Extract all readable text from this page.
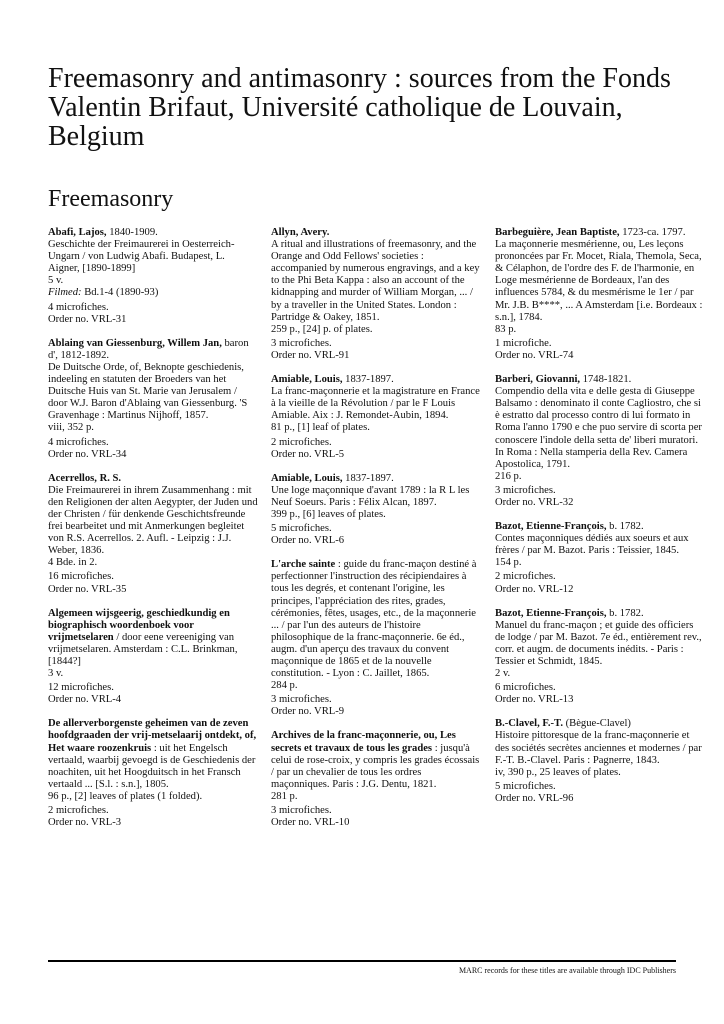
Freemasonry and antimasonry : sources from the Fonds Valentin Brifaut, Université catholique de Louvain, Belgium
Freemasonry
Abafi, Lajos, 1840-1909.
Geschichte der Freimaurerei in Oesterreich-Ungarn / von Ludwig Abafi. Budapest, L. Aigner, [1890-1899]
5 v.
Filmed: Bd.1-4 (1890-93)
4 microfiches.
Order no. VRL-31
Ablaing van Giessenburg, Willem Jan, baron d', 1812-1892.
De Duitsche Orde, of, Beknopte geschiedenis, indeeling en statuten der Broeders van het Duitsche Huis van St. Marie van Jerusalem / door W.J. Baron d'Ablaing van Giessenburg. 'S Gravenhage : Martinus Nijhoff, 1857.
viii, 352 p.
4 microfiches.
Order no. VRL-34
Acerrellos, R. S.
Die Freimaurerei in ihrem Zusammenhang : mit den Religionen der alten Aegypter, der Juden und der Christen / für denkende Geschichtsfreunde frei bearbeitet und mit Anmerkungen begleitet von R.S. Acerrellos. 2. Aufl. - Leipzig : J.J. Weber, 1836.
4 Bde. in 2.
16 microfiches.
Order no. VRL-35
Algemeen wijsgeerig, geschiedkundig en biographisch woordenboek voor vrijmetselaren / door eene vereeniging van vrijmetselaren. Amsterdam : C.L. Brinkman, [1844?]
3 v.
12 microfiches.
Order no. VRL-4
De allerverborgenste geheimen van de zeven hoofdgraaden der vrij-metselaarij ontdekt, of, Het waare roozenkruis : uit het Engelsch vertaald, waarbij gevoegd is de Geschiedenis der noachiten, uit het Hoogduitsch in het Fransch vertaald ... [S.l. : s.n.], 1805.
96 p., [2] leaves of plates (1 folded).
2 microfiches.
Order no. VRL-3
Allyn, Avery.
A ritual and illustrations of freemasonry, and the Orange and Odd Fellows' societies : accompanied by numerous engravings, and a key to the Phi Beta Kappa : also an account of the kidnapping and murder of William Morgan, ... / by a traveller in the United States. London : Partridge & Oakey, 1851.
259 p., [24] p. of plates.
3 microfiches.
Order no. VRL-91
Amiable, Louis, 1837-1897.
La franc-maçonnerie et la magistrature en France à la vieille de la Révolution / par le F Louis Amiable. Aix : J. Remondet-Aubin, 1894.
81 p., [1] leaf of plates.
2 microfiches.
Order no. VRL-5
Amiable, Louis, 1837-1897.
Une loge maçonnique d'avant 1789 : la R L les Neuf Soeurs. Paris : Félix Alcan, 1897.
399 p., [6] leaves of plates.
5 microfiches.
Order no. VRL-6
L'arche sainte : guide du franc-maçon destiné à perfectionner l'instruction des récipiendaires à tous les degrés, et contenant l'origine, les principes, l'appréciation des rites, grades, cérémonies, fêtes, usages, etc., de la maçonnerie ... / par l'un des auteurs de l'histoire philosophique de la franc-maçonnerie. 6e éd., augm. d'un aperçu des travaux du convent maçonnique de 1865 et de la nouvelle constitution. - Lyon : C. Jaillet, 1865.
284 p.
3 microfiches.
Order no. VRL-9
Archives de la franc-maçonnerie, ou, Les secrets et travaux de tous les grades : jusqu'à celui de rose-croix, y compris les grades écossais / par un chevalier de tous les ordres maçonniques. Paris : J.G. Dentu, 1821.
281 p.
3 microfiches.
Order no. VRL-10
Barbeguière, Jean Baptiste, 1723-ca. 1797.
La maçonnerie mesmérienne, ou, Les leçons prononcées par Fr. Mocet, Riala, Themola, Seca, & Célaphon, de l'ordre des F. de l'harmonie, en Loge mesmérienne de Bordeaux, l'an des influences 5784, & du mesmérisme le 1er / par Mr. J.B. B****, ... A Amsterdam [i.e. Bordeaux : s.n.], 1784.
83 p.
1 microfiche.
Order no. VRL-74
Barberi, Giovanni, 1748-1821.
Compendio della vita e delle gesta di Giuseppe Balsamo : denominato il conte Cagliostro, che si è estratto dal processo contro di lui formato in Roma l'anno 1790 e che puo servire di scorta per conoscere l'indole della setta de' liberi muratori. In Roma : Nella stamperia della Rev. Camera Apostolica, 1791.
216 p.
3 microfiches.
Order no. VRL-32
Bazot, Etienne-François, b. 1782.
Contes maçonniques dédiés aux soeurs et aux frères / par M. Bazot. Paris : Teissier, 1845.
154 p.
2 microfiches.
Order no. VRL-12
Bazot, Etienne-François, b. 1782.
Manuel du franc-maçon ; et guide des officiers de lodge / par M. Bazot. 7e éd., entièrement rev., corr. et augm. de documents inédits. - Paris : Tessier et Schmidt, 1845.
2 v.
6 microfiches.
Order no. VRL-13
B.-Clavel, F.-T. (Bègue-Clavel)
Histoire pittoresque de la franc-maçonnerie et des sociétés secrètes anciennes et modernes / par F.-T. B.-Clavel. Paris : Pagnerre, 1843.
iv, 390 p., 25 leaves of plates.
5 microfiches.
Order no. VRL-96
MARC records for these titles are available through IDC Publishers
